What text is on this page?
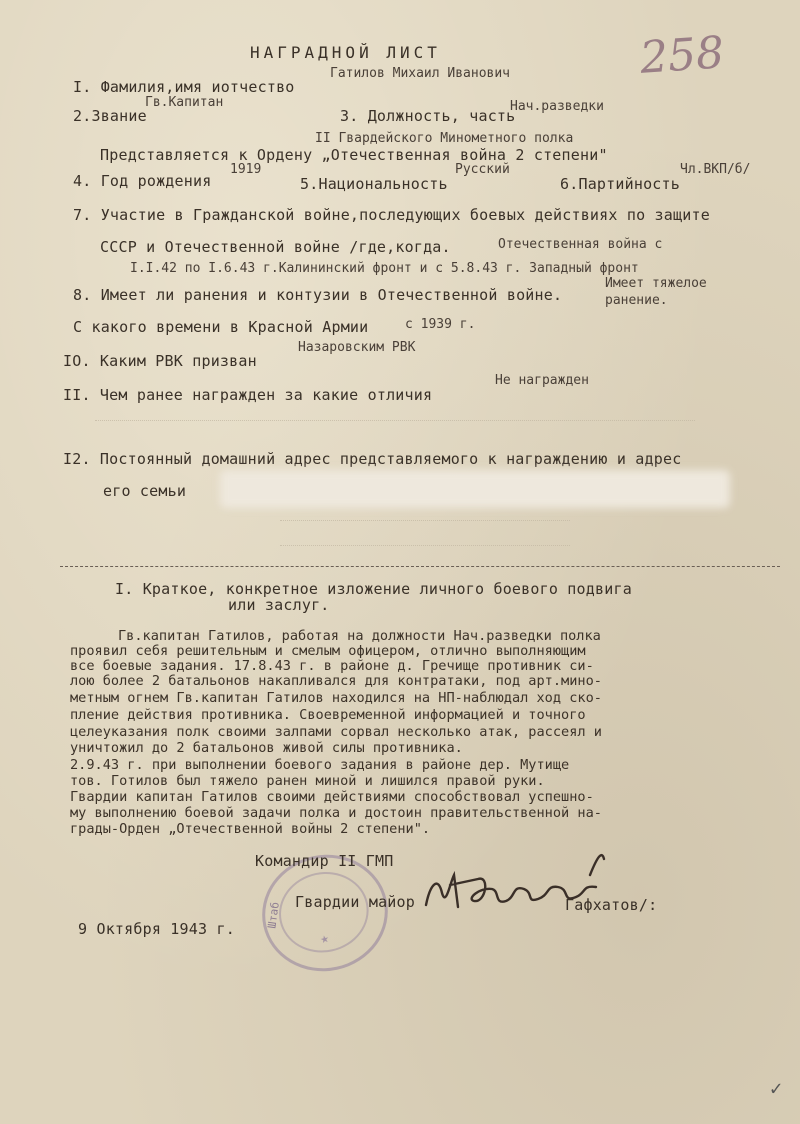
НАГРАДНОЙ ЛИСТ	258
I. Фамилия,имя иотчество
Гатилов Михаил Иванович
Гв.Капитан
2.Звание	3. Должность, часть
Нач.разведки
II Гвардейского Минометного полка
Представляется к Ордену „Отечественная война 2 степени"
1919	Русский	Чл.ВКП/б/
4. Год рождения	5.Национальность	6.Партийность
7. Участие в Гражданской войне,последующих боевых действиях по защите
СССР и Отечественной войне /где,когда.	Отечественная война с
I.I.42 по I.6.43 г.Калининский фронт и с 5.8.43 г. Западный фронт
8. Имеет ли ранения и контузии в Отечественной войне.
Имеет тяжелое
ранение.
С какого времени в Красной Армии	с 1939 г.
Назаровским РВК
IO. Каким РВК призван
Не награжден
II. Чем ранее награжден за какие отличия
I2. Постоянный домашний адрес представляемого к награждению и адрес
его семьи
I. Краткое, конкретное изложение личного боевого подвига
или заслуг.
Гв.капитан Гатилов, работая на должности Нач.разведки полка
проявил себя решительным и смелым офицером, отлично выполняющим
все боевые задания. 17.8.43 г. в районе д. Гречище противник си-
лою более 2 батальонов накапливался для контратаки, под арт.мино-
метным огнем Гв.капитан Гатилов находился на НП-наблюдал ход ско-
пление действия противника. Своевременной информацией и точного
целеуказания полк своими залпами сорвал несколько атак, рассеял и
уничтожил до 2 батальонов живой силы противника.
2.9.43 г. при выполнении боевого задания в районе дер. Мутище
тов. Готилов был тяжело ранен миной и лишился правой руки.
Гвардии капитан Гатилов своими действиями способствовал успешно-
му выполнению боевой задачи полка и достоин правительственной на-
грады-Орден „Отечественной войны 2 степени".
Штаб
★
Командир II ГМП
Гвардии майор	Гафхатов/:
9 Октября 1943 г.
✓
